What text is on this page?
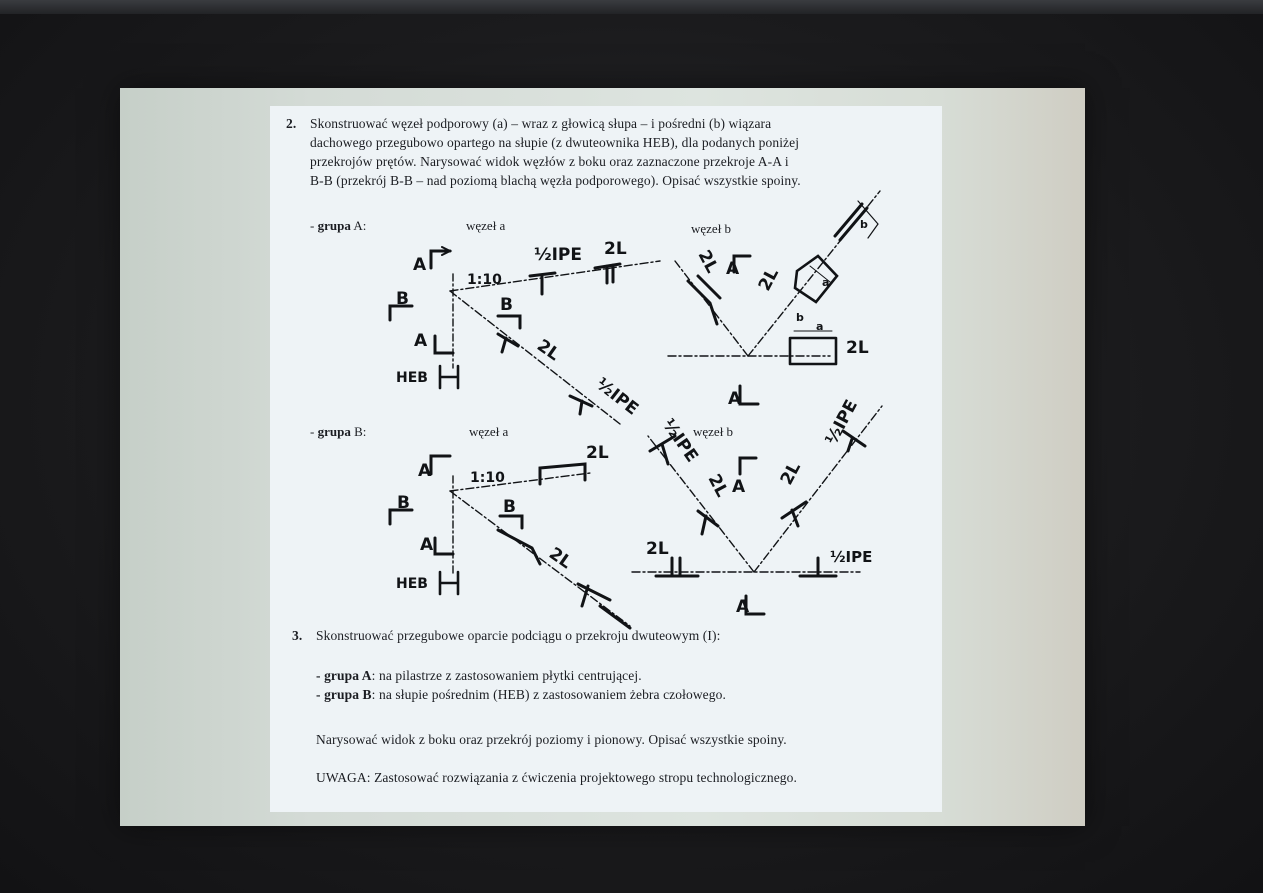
2. Skonstruować węzeł podporowy (a) – wraz z głowicą słupa – i pośredni (b) wiązara
dachowego przegubowo opartego na słupie (z dwuteownika HEB), dla podanych poniżej
przekrojów prętów. Narysować widok węzłów z boku oraz zaznaczone przekroje A-A i
B-B (przekrój B-B – nad poziomą blachą węzła podporowego). Opisać wszystkie spoiny.
- grupa A:	węzeł a	węzeł b
- grupa B:	węzeł a	węzeł b
A
A
B	B
1:10
HEB
½IPE 2L
2L
½IPE
2L A 2L	a
b
b
a
2L
A
A
A
B	B
1:10
HEB
2L
2L
½IPE
2L A 2L
½IPE
2L	½IPE
A
3. Skonstruować przegubowe oparcie podciągu o przekroju dwuteowym (I):
- grupa A: na pilastrze z zastosowaniem płytki centrującej.
- grupa B: na słupie pośrednim (HEB) z zastosowaniem żebra czołowego.
Narysować widok z boku oraz przekrój poziomy i pionowy. Opisać wszystkie spoiny.
UWAGA: Zastosować rozwiązania z ćwiczenia projektowego stropu technologicznego.
